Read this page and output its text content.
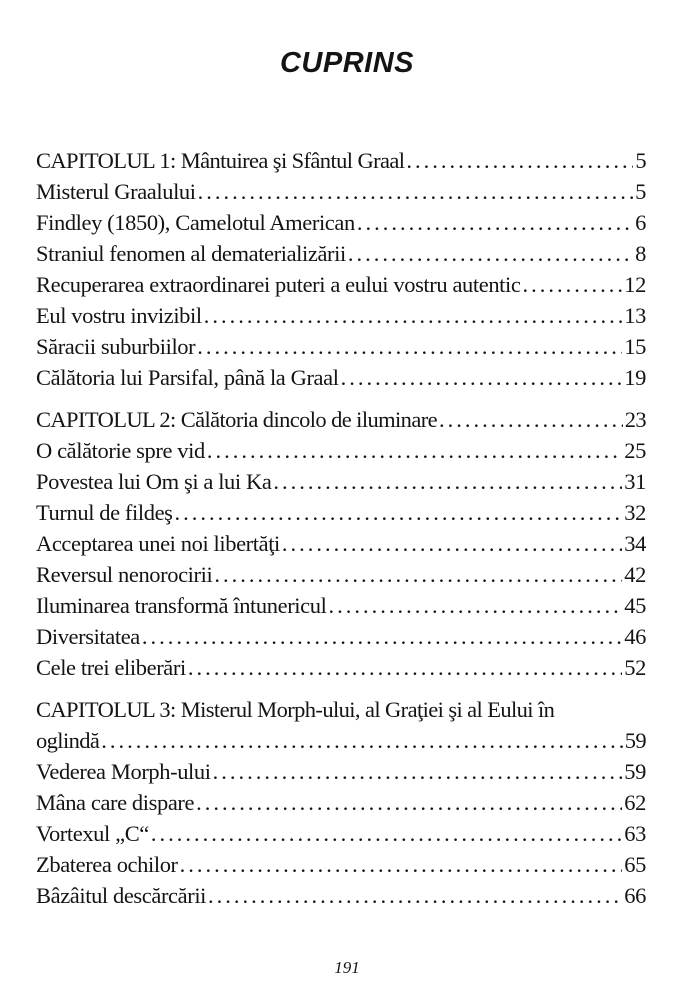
CUPRINS
CAPITOLUL 1: Mântuirea şi Sfântul Graal .....	5
Misterul Graalului .....	5
Findley (1850), Camelotul American .....	6
Straniul fenomen al dematerializării .....	8
Recuperarea extraordinarei puteri a eului vostru autentic .....	12
Eul vostru invizibil .....	13
Săracii suburbiilor .....	15
Călătoria lui Parsifal, până la Graal .....	19
CAPITOLUL 2: Călătoria dincolo de iluminare .....	23
O călătorie spre vid .....	25
Povestea lui Om şi a lui Ka .....	31
Turnul de fildeş .....	32
Acceptarea unei noi libertăţi .....	34
Reversul nenorocirii .....	42
Iluminarea transformă întunericul .....	45
Diversitatea .....	46
Cele trei eliberări .....	52
CAPITOLUL 3: Misterul Morph-ului, al Graţiei şi al Eului în
oglindă .....	59
Vederea Morph-ului .....	59
Mâna care dispare .....	62
Vortexul „C“ .....	63
Zbaterea ochilor .....	65
Bâzâitul descărcării .....	66
191
